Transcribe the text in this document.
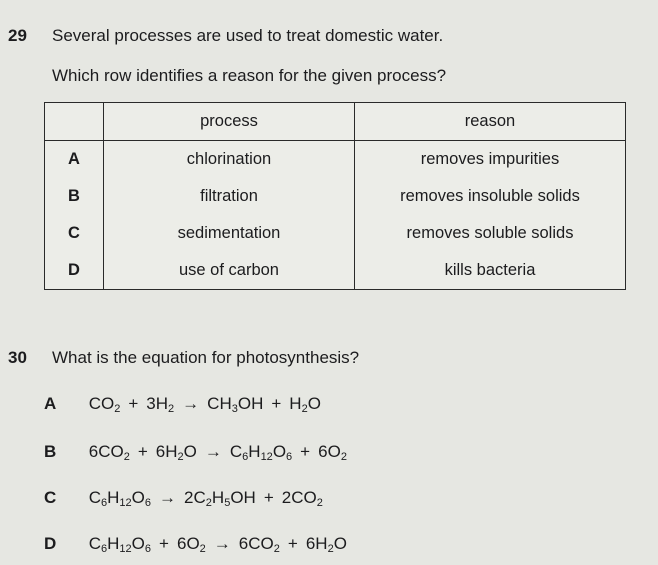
29 Several processes are used to treat domestic water.
Which row identifies a reason for the given process?
	process	reason
A	chlorination	removes impurities
B	filtration	removes insoluble solids
C	sedimentation	removes soluble solids
D	use of carbon	kills bacteria
30 What is the equation for photosynthesis?
A $CO_2 + 3H_2 \to CH_3OH + H_2O$
B $6CO_2 + 6H_2O \to C_6H_{12}O_6 + 6O_2$
C $C_6H_{12}O_6 \to 2C_2H_5OH + 2CO_2$
D $C_6H_{12}O_6 + 6O_2 \to 6CO_2 + 6H_2O$
